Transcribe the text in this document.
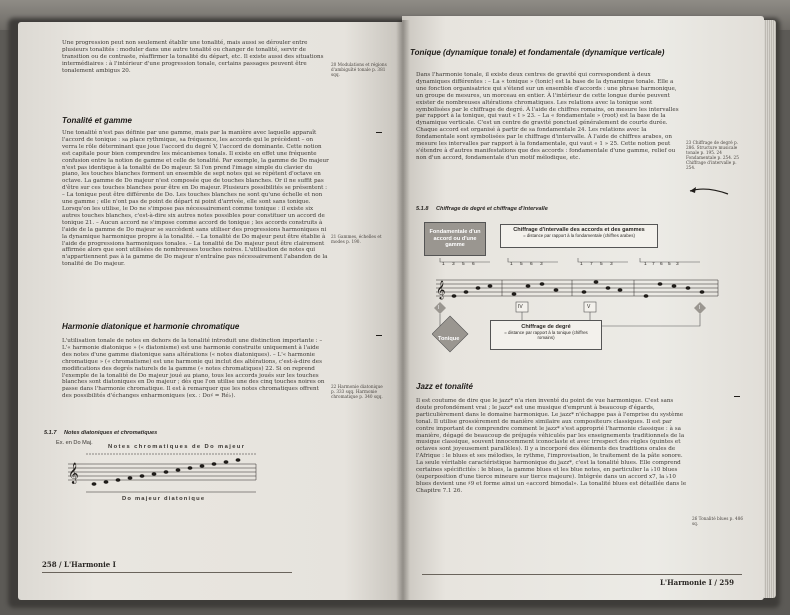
Une progression peut non seulement établir une tonalité, mais aussi se dérouler entre plusieurs tonalités : moduler dans une autre tonalité ou changer de tonalité, servir de transition ou de contraste, réaffirmer la tonalité du départ, etc. Il existe aussi des situations intermédiaires : à l'intérieur d'une progression tonale, certains passages peuvent être tonalement ambigus 20.
20 Modulations et régions d'ambiguïté tonale p. 381 sqq.
Tonalité et gamme
Une tonalité n'est pas définie par une gamme, mais par la manière avec laquelle apparaît l'accord de tonique : sa place rythmique, sa fréquence, les accords qui le précèdent – on verra le rôle déterminant que joue l'accord du degré V, l'accord de dominante. Cette notion est capitale pour bien comprendre les mécanismes tonals. Il existe en effet une fréquente confusion entre la notion de gamme et celle de tonalité. Par exemple, la gamme de Do majeur n'est pas identique à la tonalité de Do majeur. Si l'on prend l'image simple du clavier du piano, les touches blanches forment un ensemble de sept notes qui se répètent d'octave en octave. La gamme de Do majeur n'est composée que de touches blanches. Or il ne suffit pas d'être sur ces touches blanches pour être en Do majeur. Plusieurs possibilités se présentent : – La tonique peut être différente de Do. Les touches blanches ne sont qu'une échelle et non une gamme ; elle n'ont pas de point de départ ni point d'arrivée, elle sont sans tonique. Lorsqu'on les utilise, le Do ne s'impose pas nécessairement comme tonique : il existe six autres touches blanches, c'est-à-dire six autres notes possibles pour constituer un accord de tonique 21. – Aucun accord ne s'impose comme accord de tonique ; les accords construits à l'aide de la gamme de Do majeur se succèdent sans utiliser des progressions harmoniques ni la dynamique harmonique propre à la tonalité. – La tonalité de Do majeur peut être établie à l'aide de progressions harmoniques tonales. – La tonalité de Do majeur peut être clairement affirmée alors que sont utilisées de nombreuses touches noires. L'utilisation de notes qui n'appartiennent pas à la gamme de Do majeur n'entraîne pas nécessairement l'abandon de la tonalité de Do majeur.
21 Gammes, échelles et modes p. 190.
Harmonie diatonique et harmonie chromatique
L'utilisation tonale de notes en dehors de la tonalité introduit une distinction importante : – L'« harmonie diatonique » (« diatonisme) est une harmonie construite uniquement à l'aide des notes d'une gamme diatonique sans altérations (« notes diatoniques). – L'« harmonie chromatique » (« chromatisme) est une harmonie qui inclut des altérations, c'est-à-dire des modifications des degrés naturels de la gamme (« notes chromatiques) 22. Si on reprend l'exemple de la tonalité de Do majeur joué au piano, tous les accords joués sur les touches blanches sont diatoniques en Do majeur ; dès que l'on utilise une des cinq touches noires on passe dans l'harmonie chromatique. Il est à remarquer que les notes chromatiques offrent des possibilités d'échanges enharmoniques (ex. : Do♯ = Ré♭).
22 Harmonie diatonique p. 333 sqq. Harmonie chromatique p. 340 sqq.
5.1.7 Notes diatoniques et chromatiques
Ex. en Do Maj.
Notes chromatiques de Do majeur
𝄞
Do majeur diatonique
258 / L'Harmonie I
Tonique (dynamique tonale) et fondamentale (dynamique verticale)
Dans l'harmonie tonale, il existe deux centres de gravité qui correspondent à deux dynamiques différentes : – La « tonique » (tonic) est la base de la dynamique tonale. Elle a une fonction organisatrice qui s'étend sur un ensemble d'accords : une phrase harmonique, un groupe de mesures, un morceau en entier. À l'intérieur de cette longue durée peuvent exister de nombreuses altérations chromatiques. Les relations avec la tonique sont symbolisées par le chiffrage de degré. À l'aide de chiffres romains, on mesure les intervalles par rapport à la tonique, qui vaut « I » 23. – La « fondamentale » (root) est la base de la dynamique verticale. C'est un centre de gravité ponctuel généralement de courte durée. Chaque accord est organisé à partir de sa fondamentale 24. Les relations avec la fondamentale sont symbolisées par le chiffrage d'intervalle. À l'aide de chiffres arabes, on mesure les intervalles par rapport à la fondamentale, qui vaut « 1 » 25. Cette notion peut s'étendre à d'autres manifestations que des accords : fondamentale d'une gamme, relief ou non d'un accord, fondamentale d'un motif mélodique, etc.
23 Chiffrage de degré p. 286. Structure musicale tonale p. 195. 24 Fondamentale p. 254. 25 Chiffrage d'intervalle p. 254.
5.1.8 Chiffrage de degré et chiffrage d'intervalle
Fondamentale d'un accord ou d'une gamme
Chiffrage d'intervalle des accords et des gammes
= distance par rapport à la fondamentale (chiffres arabes)
𝄞
I	IV	V	I
1 3 5 6	1 5 6 3	1 7 5 3	1 7 6 5 3
Tonique
Chiffrage de degré
= distance par rapport à la tonique (chiffres romains)
Jazz et tonalité
Il est coutume de dire que le jazz* n'a rien inventé du point de vue harmonique. C'est sans doute profondément vrai ; le jazz* est une musique d'emprunt à beaucoup d'égards, particulièrement dans le domaine harmonique. Le jazz* n'échappe pas à l'emprise du système tonal. Il utilise grossièrement de manière similaire aux compositeurs classiques. Il est par contre important de comprendre comment le jazz* s'est approprié l'harmonie classique : à sa manière, dégagé de beaucoup de préjugés véhiculés par les enseignements traditionnels de la musique classique, souvent innocemment iconoclaste et avec irrespect des règles (quintes et octaves sont joyeusement parallèles). Il y a incorporé des éléments des traditions orales de l'Afrique : le blues et ses mélodies, le rythme, l'improvisation, le traitement de la pâte sonore. La seule véritable caractéristique harmonique du jazz*, c'est la tonalité blues. Elle comprend certaines spécificités : le blues, la gamme blues et les blue notes, en particulier la ♭10 blues (superposition d'une tierce mineure sur tierce majeure). Intégrée dans un accord x7, la ♭10 blues devient une ♯9 et forme ainsi un «accord bimodal». La tonalité blues est détaillée dans le Chapitre 7.1 26.
26 Tonalité blues p. 486 sq.
L'Harmonie I / 259
